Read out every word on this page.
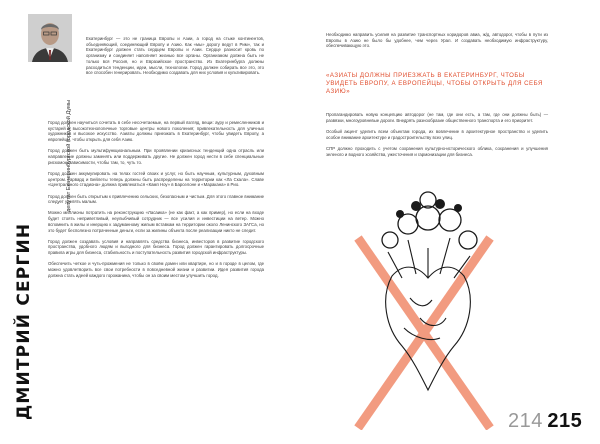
ДМИТРИЙ СЕРГИН
депутат Екатеринбургской городской Думы

Екатеринбург — это не граница Европы и Азии, а город на стыке континентов, объединяющий, соединяющий Европу и Азию. Как «мы» дорогу ведут в Рим», так и Екатеринбург должен стать сердцем Европы и Азии. Сердце разносит кровь по организму и соединяет наполняет жизнью все органы. Организмом должна быть не только вся Россия, но и Евразийское пространство. Из Екатеринбурга должны расходиться тенденции, идеи, мысли, технологии. Город должен собирать все это, это все способен генерировать. Необходимо создавать для них условия и культивировать.

Город должен научиться сочетать в себе несочетаемые, на первый взгляд, вещи: ауру и ремесленников и кустарей и высокотехнологичные торговые центры нового поколения; привлекательность для уличных художников и высокое искусство. Азиаты должны приезжать в Екатеринбург, чтобы увидеть Европу, а европейцы, чтобы открыть для себя Азию.

Город должен быть мультифункциональным. При проявлении кризисных тенденций одна отрасль или направление должны заменять или поддерживать другие. Не должен город нести в себе спенциальные рискомонозависимости, чтобы там, то, чуть то.

Город должен аккумулировать на телах гостей своих и услуг, но быть научным, культурным, духовным центром. Гарвард и Бейлеты теперь должны быть распределены на территории как «Ла Скала». Славе «Центрального стадиона» должна привлекаться «Камп Ноу» в Барселоне и «Маракана» в Рио.

Город должен быть открытым к привлечению сельских, безопасным и чистым. Для этого главное внимание следует уделять малым.

Можно миллионы потратить на реконструкцию «Ласаика» (не как факт, а как пример), но если на входе будет стоять неприветливый, неулыбчивый сотрудник — все усилия и инвестиции на ветер. Можно вспомнить в жилы и инерцию к задуманному жилым вставкам на территории около Ленинского ЗАГСа, но это будет бесполезно потраченные деньги, если за жилины объекта после реализации никто не следит.

Город должен создавать условия и направлять средства бизнеса, инвесторов в развитие городского пространства, удобного людям и выгодного для бизнеса. Город должен гарантировать долгосрочные правила игры для бизнеса, стабильность и поступательность развития городской инфраструктуры.

Обеспечить четкое и чуть-прожмения не только в своём домен или квартире, но и в городе в целом, где можно удовлетворить все свои потребности в повседневной жизни и развитии. Идея развития города должна стать идеей каждого горожанина, чтобы он за своим местом улучшить город.

Необходимо направить усилия на развитие транспортных коридоров авиа, ж/д, автодорог, чтобы в пути из Европы в Азию не было бы удобнее, чем через Урал. И создавать необходимую инфраструктуру, обеспечивающую это.

«АЗИАТЫ ДОЛЖНЫ ПРИЕЗЖАТЬ В ЕКАТЕРИНБУРГ, ЧТОБЫ УВИДЕТЬ ЕВРОПУ, А ЕВРОПЕЙЦЫ, ЧТОБЫ ОТКРЫТЬ ДЛЯ СЕБЯ АЗИЮ»

Пропагандировать новую концепцию автодорог (не там, где они есть, а там, где они должны быть) — развязки, многоуровневые дороги. Внедрять разнообразие общественного транспорта и его приоритет.

Особый акцент уделить всем объектам города, их вовлечение в архитектурное пространство и уделить особое внимание архитектуре и градостроительству всех улиц.

СПР должно проходить с учетом сохранения культурно-исторического облика, сохранения и улучшения зеленого и водного хозяйства, ужесточения и гармонизации для бизнеса.

214 215
